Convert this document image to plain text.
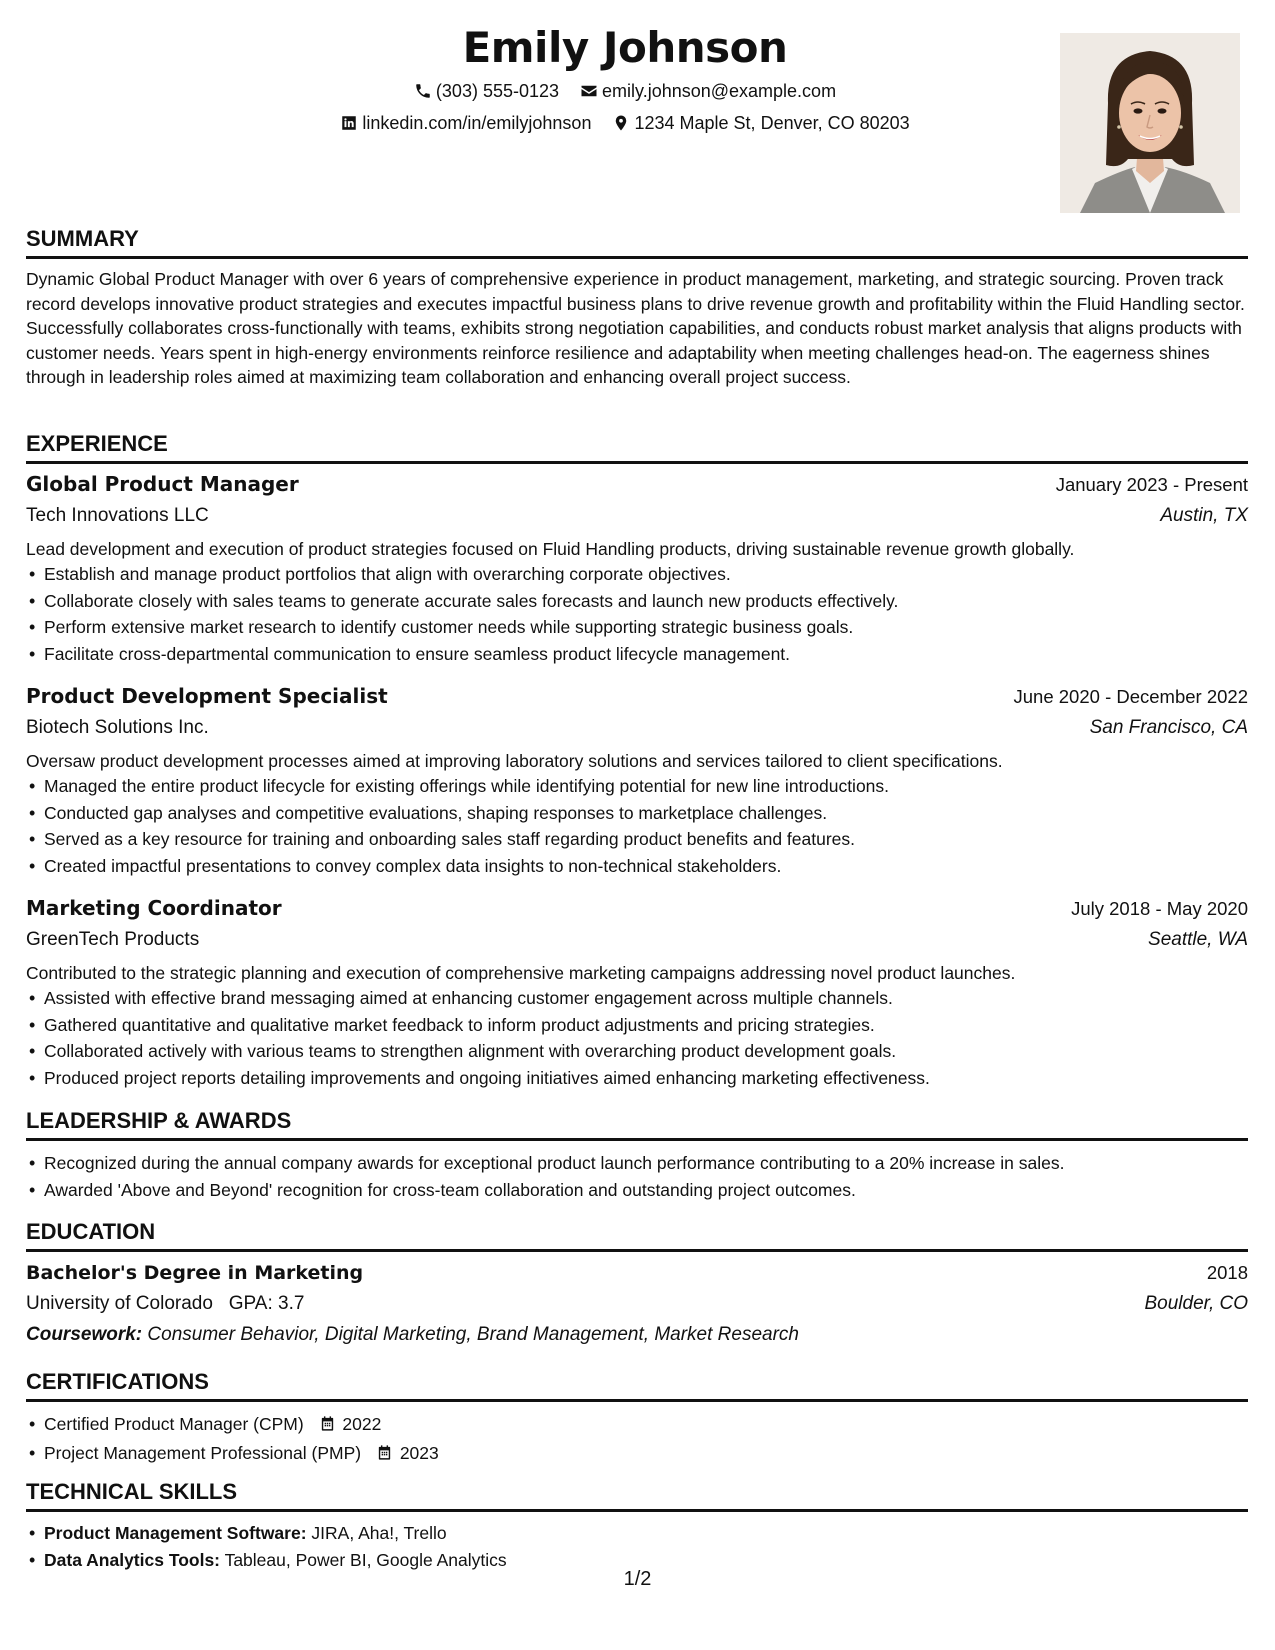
Emily Johnson
(303) 555-0123
emily.johnson@example.com
linkedin.com/in/emilyjohnson
1234 Maple St, Denver, CO 80203
SUMMARY
Dynamic Global Product Manager with over 6 years of comprehensive experience in product management, marketing, and strategic sourcing. Proven track record develops innovative product strategies and executes impactful business plans to drive revenue growth and profitability within the Fluid Handling sector. Successfully collaborates cross-functionally with teams, exhibits strong negotiation capabilities, and conducts robust market analysis that aligns products with customer needs. Years spent in high-energy environments reinforce resilience and adaptability when meeting challenges head-on. The eagerness shines through in leadership roles aimed at maximizing team collaboration and enhancing overall project success.
EXPERIENCE
Global Product Manager	January 2023 - Present
Tech Innovations LLC	Austin, TX
Lead development and execution of product strategies focused on Fluid Handling products, driving sustainable revenue growth globally.
• Establish and manage product portfolios that align with overarching corporate objectives.
• Collaborate closely with sales teams to generate accurate sales forecasts and launch new products effectively.
• Perform extensive market research to identify customer needs while supporting strategic business goals.
• Facilitate cross-departmental communication to ensure seamless product lifecycle management.
Product Development Specialist	June 2020 - December 2022
Biotech Solutions Inc.	San Francisco, CA
Oversaw product development processes aimed at improving laboratory solutions and services tailored to client specifications.
• Managed the entire product lifecycle for existing offerings while identifying potential for new line introductions.
• Conducted gap analyses and competitive evaluations, shaping responses to marketplace challenges.
• Served as a key resource for training and onboarding sales staff regarding product benefits and features.
• Created impactful presentations to convey complex data insights to non-technical stakeholders.
Marketing Coordinator	July 2018 - May 2020
GreenTech Products	Seattle, WA
Contributed to the strategic planning and execution of comprehensive marketing campaigns addressing novel product launches.
• Assisted with effective brand messaging aimed at enhancing customer engagement across multiple channels.
• Gathered quantitative and qualitative market feedback to inform product adjustments and pricing strategies.
• Collaborated actively with various teams to strengthen alignment with overarching product development goals.
• Produced project reports detailing improvements and ongoing initiatives aimed enhancing marketing effectiveness.
LEADERSHIP & AWARDS
• Recognized during the annual company awards for exceptional product launch performance contributing to a 20% increase in sales.
• Awarded 'Above and Beyond' recognition for cross-team collaboration and outstanding project outcomes.
EDUCATION
Bachelor's Degree in Marketing	2018
University of Colorado GPA: 3.7	Boulder, CO
Coursework: Consumer Behavior, Digital Marketing, Brand Management, Market Research
CERTIFICATIONS
• Certified Product Manager (CPM) 2022
• Project Management Professional (PMP) 2023
TECHNICAL SKILLS
• Product Management Software: JIRA, Aha!, Trello
• Data Analytics Tools: Tableau, Power BI, Google Analytics
1/2
